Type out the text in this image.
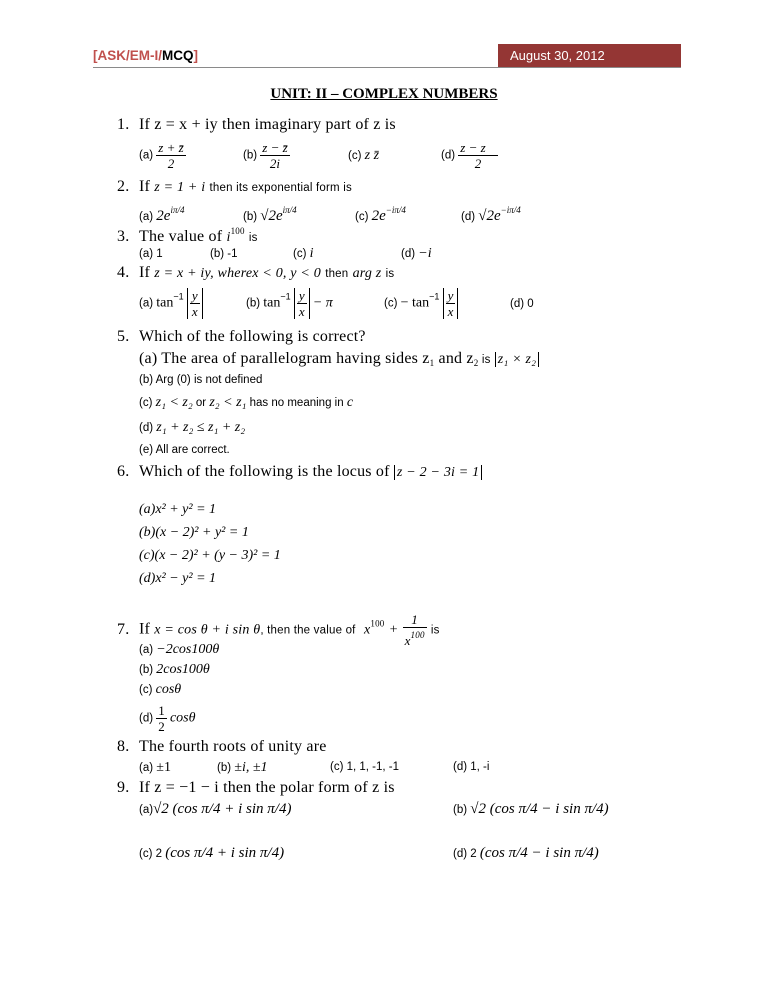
[ASK/EM-I/MCQ]	August 30, 2012
UNIT: II – COMPLEX NUMBERS
1. If z = x + iy then imaginary part of z is
$(a) \frac{z + z̄}{2}$	$(b) \frac{z - z̄}{2i}$	(c) z z̄	$(d) \frac{z - z⃗}{2}$
2. If z = 1 + i then its exponential form is
(a) $2e^{i\pi/4}$
(b) $√2e^{i\pi/4}$
(c) $2e^{-i\pi/4}$
(d) $√2e^{-i\pi/4}$
3. The value of $i^{100}$ is
(a) 1	(b) -1	(c) i	(d) −i
4. If z = x + iy, wherex < 0, y < 0 then arg z is
(a) $\tan^{-1} \frac{y}{x}$	(b) $\tan^{-1} \frac{y}{x} - \pi$	$(c) - \tan^{-1} \frac{y}{x}$	(d) 0
5. Which of the following is correct?
(a) The area of parallelogram having sides $z_1$ and $z_2$ is z₁ × z₂
(b) Arg (0) is not defined
(c) z₁ < z₂ or z₂ < z₁ has no meaning in c
(d) z₁ + z₂ ≤ z₁ + z₂
(e) All are correct.
6. Which of the following is the locus of z − 2 − 3i = 1
(a)x² + y² = 1
(b)(x − 2)² + y² = 1
(c)(x − 2)² + (y − 3)² = 1
(d)x² − y² = 1
7. If x = cos θ + i sin θ, then the value of $x^{100} + \frac{1}{x^{100}}$ is
(a) −2cos100θ
(b) 2cos100θ
(c) cosθ
$(d) \frac{1}{2}$ cosθ
8. The fourth roots of unity are
(a) ±1	(b) ±i, ±1	(c) 1, 1, -1, -1	(d) 1, -i
9. If z = −1 − i then the polar form of z is
(a)√2 (cos π/4 + i sin π/4)	(b) √2 (cos π/4 − i sin π/4)
(c) 2 (cos π/4 + i sin π/4)	(d) 2 (cos π/4 − i sin π/4)
